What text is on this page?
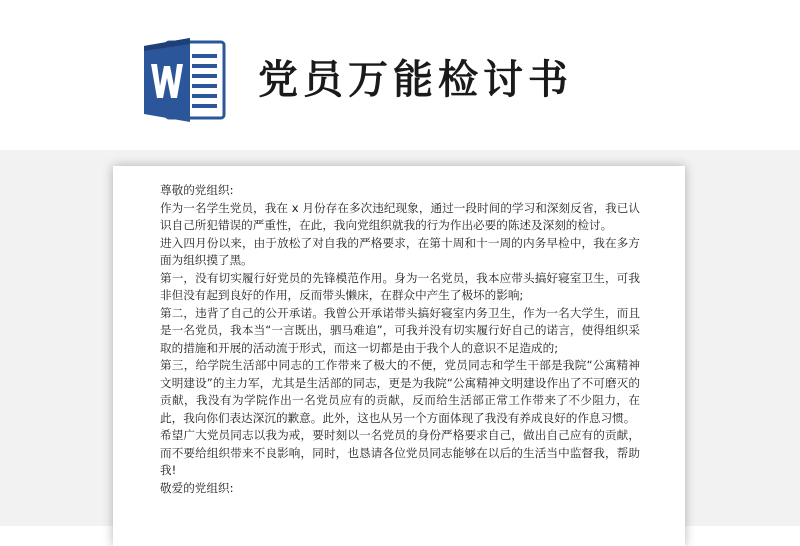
党员万能检讨书

尊敬的党组织:

作为一名学生党员，我在 x 月份存在多次违纪现象，通过一段时间的学习和深刻反省，我已认识自己所犯错误的严重性，在此，我向党组织就我的行为作出必要的陈述及深刻的检讨。

进入四月份以来，由于放松了对自我的严格要求，在第十周和十一周的内务早检中，我在多方面为组织摸了黑。

第一，没有切实履行好党员的先锋模范作用。身为一名党员，我本应带头搞好寝室卫生，可我非但没有起到良好的作用，反而带头懒床，在群众中产生了极坏的影响;

第二，违背了自己的公开承诺。我曾公开承诺带头搞好寝室内务卫生，作为一名大学生，而且是一名党员，我本当“一言既出，驷马难追”，可我并没有切实履行好自己的诺言，使得组织采取的措施和开展的活动流于形式，而这一切都是由于我个人的意识不足造成的;

第三，给学院生活部中同志的工作带来了极大的不便，党员同志和学生干部是我院“公寓精神文明建设”的主力军，尤其是生活部的同志，更是为我院“公寓精神文明建设作出了不可磨灭的贡献，我没有为学院作出一名党员应有的贡献，反而给生活部正常工作带来了不少阻力，在此，我向你们表达深沉的歉意。此外，这也从另一个方面体现了我没有养成良好的作息习惯。

希望广大党员同志以我为戒，要时刻以一名党员的身份严格要求自己，做出自己应有的贡献，而不要给组织带来不良影响，同时，也恳请各位党员同志能够在以后的生活当中监督我，帮助我!

敬爱的党组织:
